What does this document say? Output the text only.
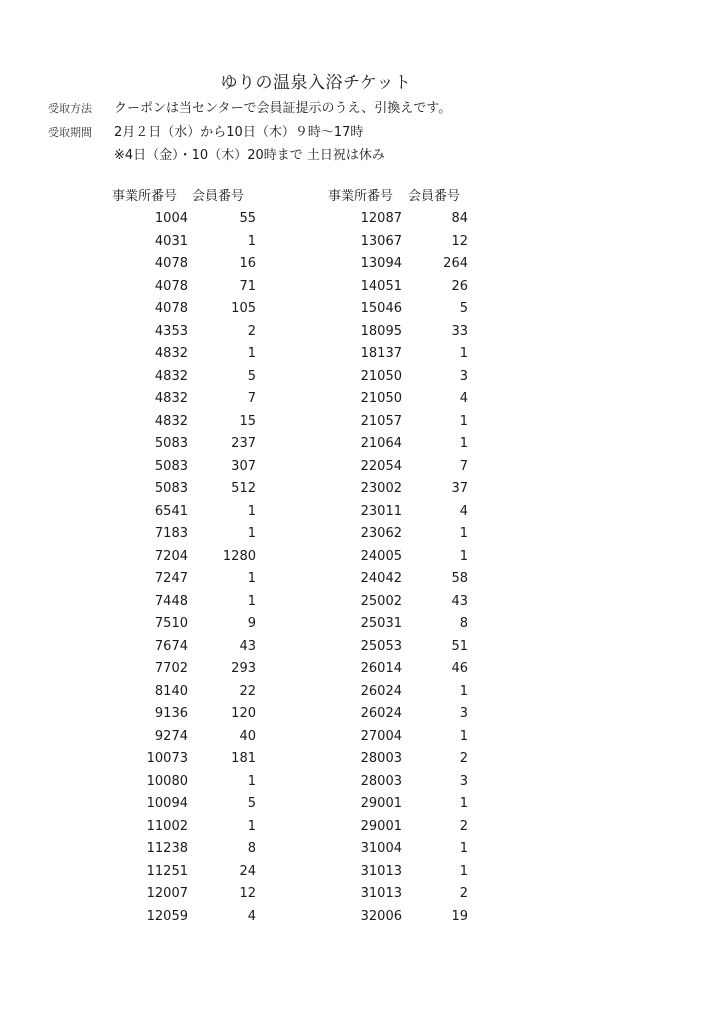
ゆりの温泉入浴チケット
受取方法 クーポンは当センターで会員証提示のうえ、引換えです。
受取期間 2月２日（水）から10日（木）９時〜17時
※4日（金）・10（木）20時まで 土日祝は休み
事業所番号 会員番号
1004	55
4031	1
4078	16
4078	71
4078	105
4353	2
4832	1
4832	5
4832	7
4832	15
5083	237
5083	307
5083	512
6541	1
7183	1
7204	1280
7247	1
7448	1
7510	9
7674	43
7702	293
8140	22
9136	120
9274	40
10073	181
10080	1
10094	5
11002	1
11238	8
11251	24
12007	12
12059	4
事業所番号 会員番号
12087	84
13067	12
13094	264
14051	26
15046	5
18095	33
18137	1
21050	3
21050	4
21057	1
21064	1
22054	7
23002	37
23011	4
23062	1
24005	1
24042	58
25002	43
25031	8
25053	51
26014	46
26024	1
26024	3
27004	1
28003	2
28003	3
29001	1
29001	2
31004	1
31013	1
31013	2
32006	19
